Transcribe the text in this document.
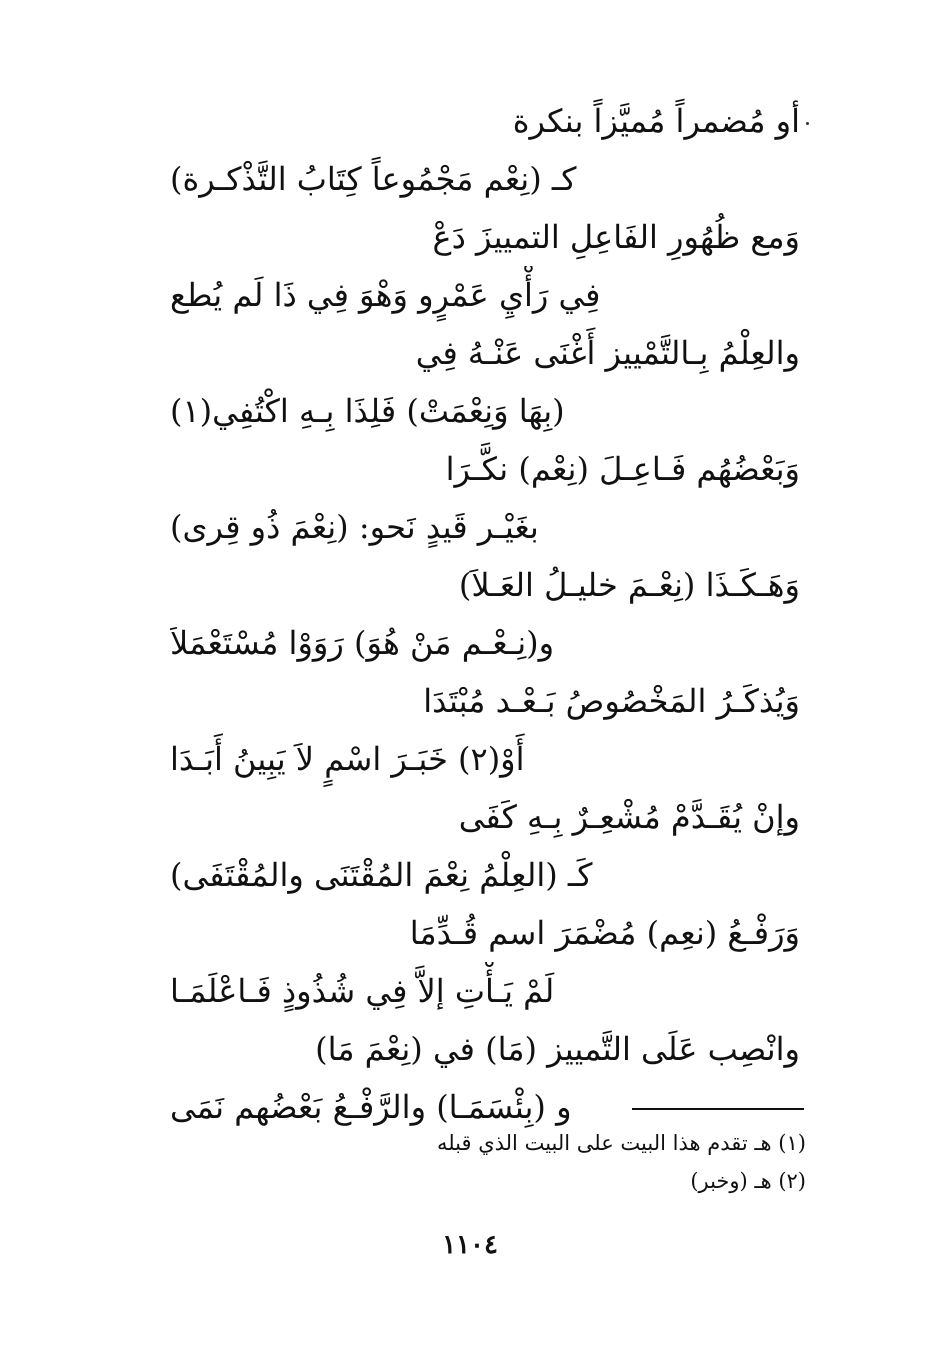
أو مُضمراً مُميَّزاً بنكرة
كـ (نِعْم مَجْمُوعاً كِتَابُ التَّذْكـرة)
وَمع ظُهُورِ الفَاعِلِ التمييزَ دَعْ
فِي رَأْيِ عَمْرٍو وَهْوَ فِي ذَا لَم يُطع
والعِلْمُ بِـالتَّمْييز أَغْنَى عَنْـهُ فِي
(بِهَا وَنِعْمَتْ) فَلِذَا بِـهِ اكْتُفِي(١)
وَبَعْضُهُم فَـاعِـلَ (نِعْم) نكَّـرَا
بغَيْـر قَيدٍ نَحو: (نِعْمَ ذُو قِرى)
وَهَـكَـذَا (نِعْـمَ خليـلُ العَـلاَ)
و(نِـعْـم مَنْ هُوَ) رَوَوْا مُسْتَعْمَلاَ
وَيُذكَـرُ المَخْصُوصُ بَـعْـد مُبْتَدَا
أَوْ(٢) خَبَـرَ اسْمٍ لاَ يَبِينُ أَبَـدَا
وإنْ يُقَـدَّمْ مُشْعِـرٌ بِـهِ كَفَى
كَـ (العِلْمُ نِعْمَ المُقْتَنَى والمُقْتَفَى)
وَرَفْـعُ (نعِم) مُضْمَرَ اسم قُـدِّمَا
لَمْ يَـأْتِ إلاَّ فِي شُذُوذٍ فَـاعْلَمَـا
وانْصِب عَلَى التَّمييز (مَا) في (نِعْمَ مَا)
و (بِئْسَمَـا) والرَّفْـعُ بَعْضُهم نَمَى
(١) هـ تقدم هذا البيت على البيت الذي قبله
(٢) هـ (وخبر)
١١٠٤
